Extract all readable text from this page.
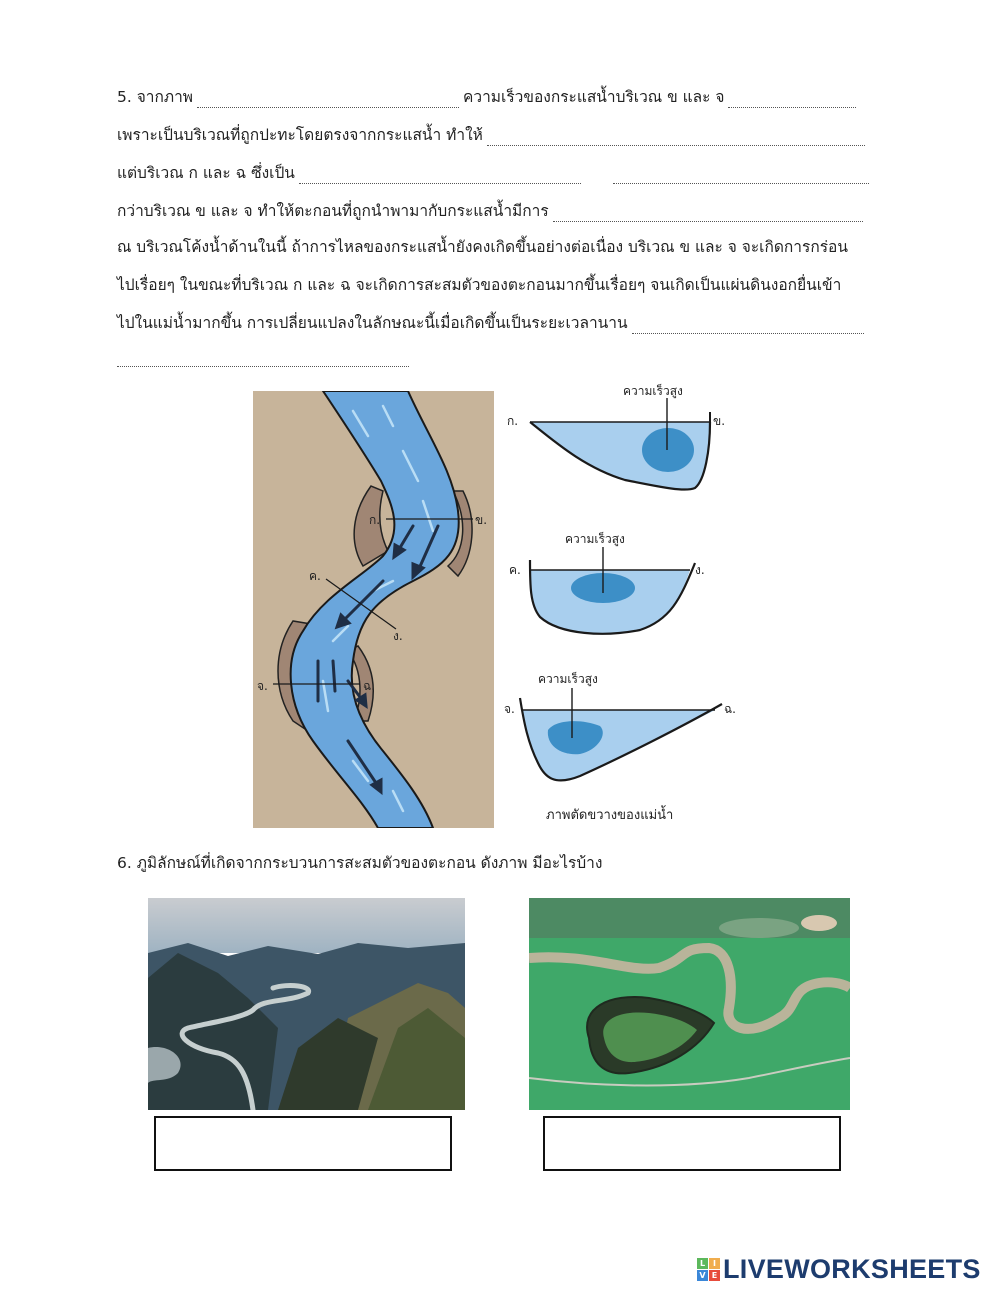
5. จากภาพ	ความเร็วของกระแสน้ำบริเวณ ข และ จ
เพราะเป็นบริเวณที่ถูกปะทะโดยตรงจากกระแสน้ำ ทำให้
แต่บริเวณ ก และ ฉ ซึ่งเป็น
กว่าบริเวณ ข และ จ ทำให้ตะกอนที่ถูกนำพามากับกระแสน้ำมีการ
ณ บริเวณโค้งน้ำด้านในนี้ ถ้าการไหลของกระแสน้ำยังคงเกิดขึ้นอย่างต่อเนื่อง บริเวณ ข และ จ จะเกิดการกร่อน
ไปเรื่อยๆ ในขณะที่บริเวณ ก และ ฉ จะเกิดการสะสมตัวของตะกอนมากขึ้นเรื่อยๆ จนเกิดเป็นแผ่นดินงอกยื่นเข้า
ไปในแม่น้ำมากขึ้น การเปลี่ยนแปลงในลักษณะนี้เมื่อเกิดขึ้นเป็นระยะเวลานาน
ก.	ข.
ค.
ง.
จ.	ฉ.
ความเร็วสูง
ก.	ข.
ความเร็วสูง
ค.	ง.
ความเร็วสูง
จ.	ฉ.
ภาพตัดขวางของแม่น้ำ
6. ภูมิลักษณ์ที่เกิดจากกระบวนการสะสมตัวของตะกอน ดังภาพ มีอะไรบ้าง
L I
V E LIVEWORKSHEETS
